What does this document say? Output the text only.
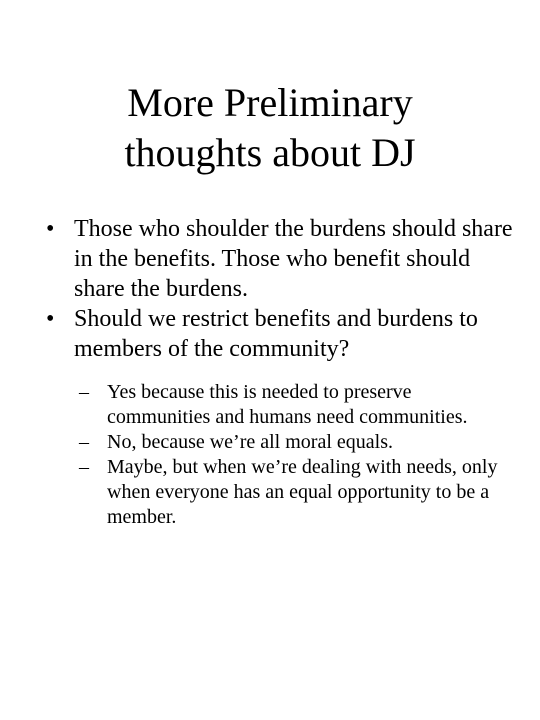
More Preliminary
thoughts about DJ
• Those who shoulder the burdens should share in the benefits. Those who benefit should share the burdens.
• Should we restrict benefits and burdens to members of the community?
– Yes because this is needed to preserve communities and humans need communities.
– No, because we’re all moral equals.
– Maybe, but when we’re dealing with needs, only when everyone has an equal opportunity to be a member.
